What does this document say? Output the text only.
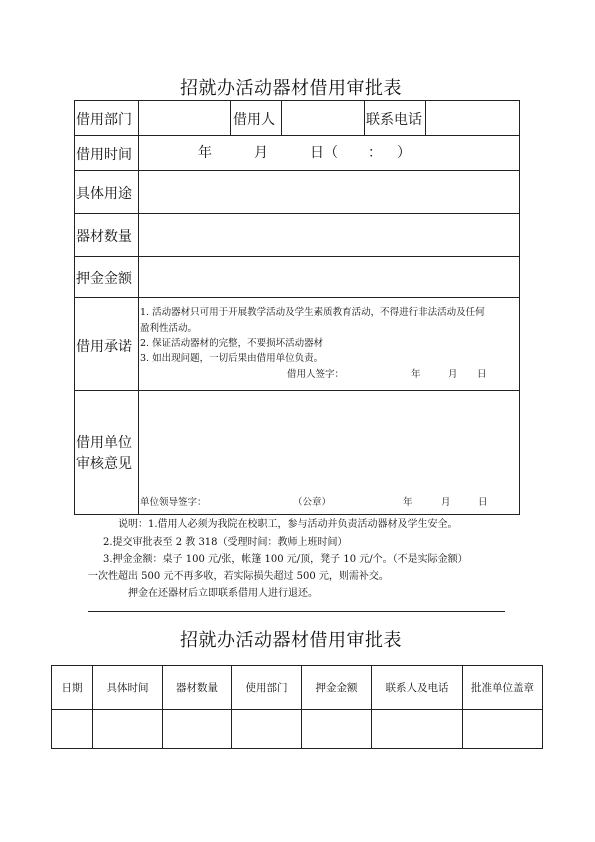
招就办活动器材借用审批表
借用部门	借用人	联系电话
借用时间	年	月	日（ ： ）
具体用途
器材数量
押金金额
借用承诺
1. 活动器材只可用于开展教学活动及学生素质教育活动，不得进行非法活动及任何
盈利性活动。
2. 保证活动器材的完整，不要损坏活动器材
3. 如出现问题，一切后果由借用单位负责。
借用人签字：	年	月 日
借用单位
审核意见
单位领导签字：	（公章）	年	月	日
说明：1.借用人必须为我院在校职工，参与活动并负责活动器材及学生安全。
2.提交审批表至 2 教 318（受理时间：教师上班时间）
3.押金金额：桌子 100 元/张，帐篷 100 元/顶，凳子 10 元/个。（不是实际金额）
一次性超出 500 元不再多收，若实际损失超过 500 元，则需补交。
押金在还器材后立即联系借用人进行退还。
招就办活动器材借用审批表
日期	具体时间	器材数量	使用部门	押金金额	联系人及电话	批准单位盖章
